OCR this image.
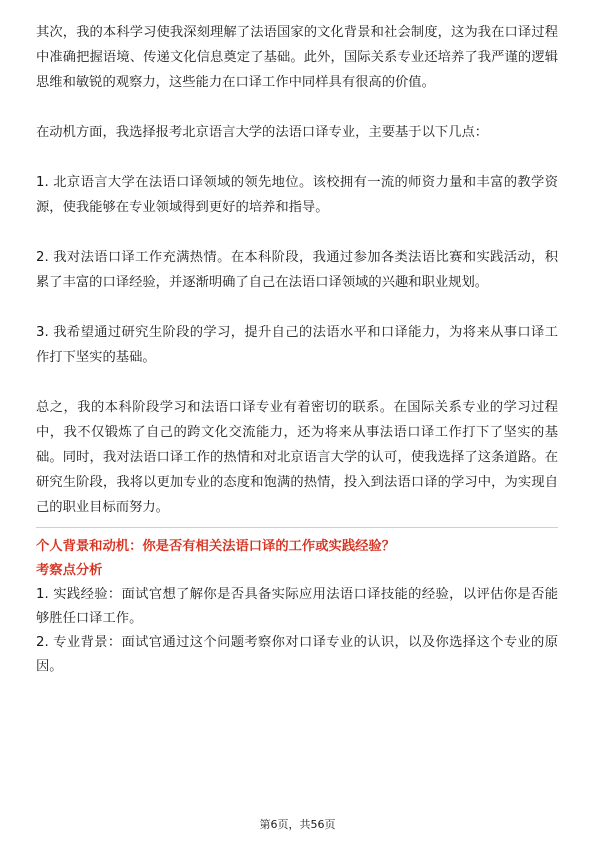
其次，我的本科学习使我深刻理解了法语国家的文化背景和社会制度，这为我在口译过程中准确把握语境、传递文化信息奠定了基础。此外，国际关系专业还培养了我严谨的逻辑思维和敏锐的观察力，这些能力在口译工作中同样具有很高的价值。

在动机方面，我选择报考北京语言大学的法语口译专业，主要基于以下几点：

1. 北京语言大学在法语口译领域的领先地位。该校拥有一流的师资力量和丰富的教学资源，使我能够在专业领域得到更好的培养和指导。

2. 我对法语口译工作充满热情。在本科阶段，我通过参加各类法语比赛和实践活动，积累了丰富的口译经验，并逐渐明确了自己在法语口译领域的兴趣和职业规划。

3. 我希望通过研究生阶段的学习，提升自己的法语水平和口译能力，为将来从事口译工作打下坚实的基础。

总之，我的本科阶段学习和法语口译专业有着密切的联系。在国际关系专业的学习过程中，我不仅锻炼了自己的跨文化交流能力，还为将来从事法语口译工作打下了坚实的基础。同时，我对法语口译工作的热情和对北京语言大学的认可，使我选择了这条道路。在研究生阶段，我将以更加专业的态度和饱满的热情，投入到法语口译的学习中，为实现自己的职业目标而努力。

个人背景和动机：你是否有相关法语口译的工作或实践经验？

考察点分析

1. 实践经验：面试官想了解你是否具备实际应用法语口译技能的经验，以评估你是否能够胜任口译工作。

2. 专业背景：面试官通过这个问题考察你对口译专业的认识，以及你选择这个专业的原因。

第6页，共56页
